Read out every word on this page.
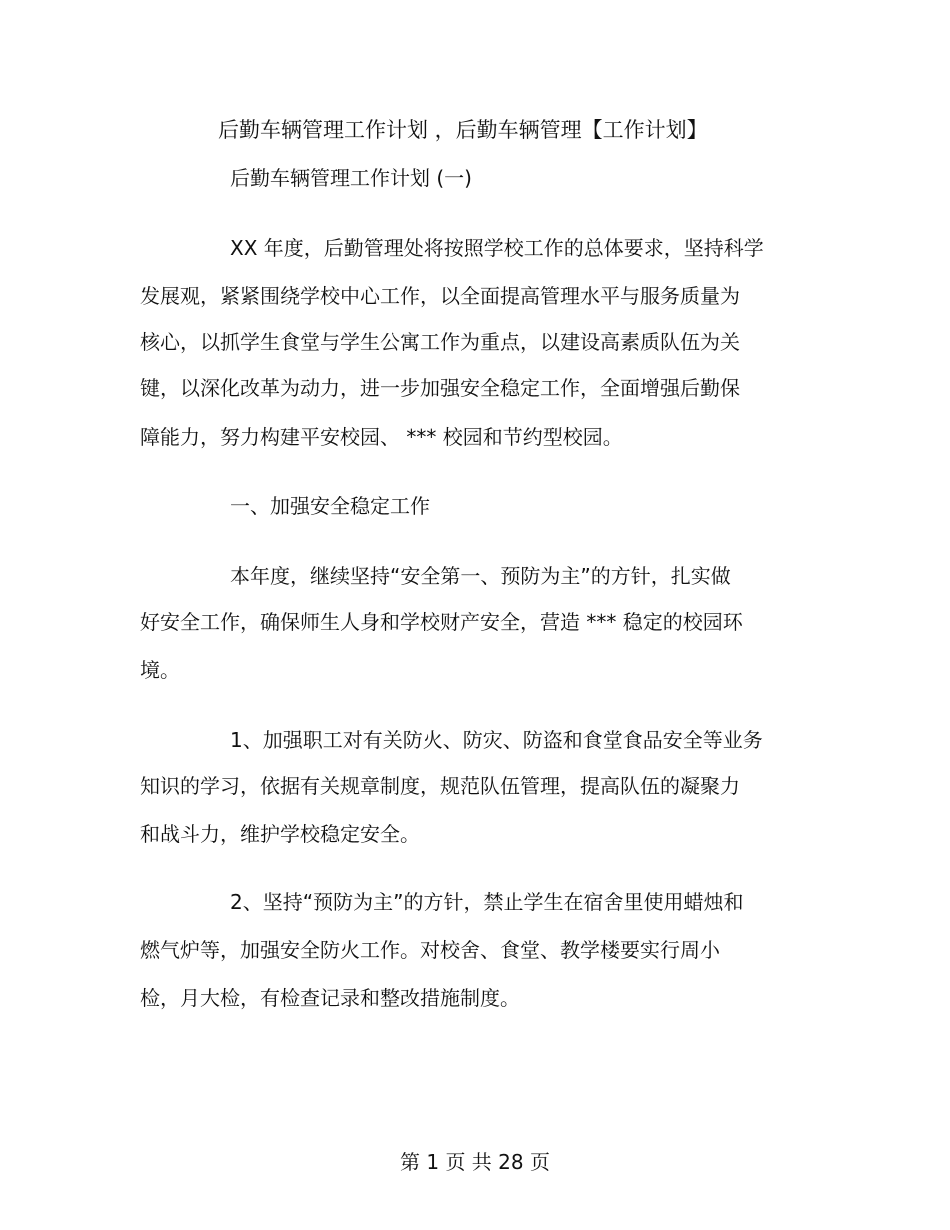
后勤车辆管理工作计划 ，后勤车辆管理【工作计划】
后勤车辆管理工作计划 (一)
XX 年度，后勤管理处将按照学校工作的总体要求，坚持科学
发展观，紧紧围绕学校中心工作，以全面提高管理水平与服务质量为
核心，以抓学生食堂与学生公寓工作为重点，以建设高素质队伍为关
键，以深化改革为动力，进一步加强安全稳定工作，全面增强后勤保
障能力，努力构建平安校园、 *** 校园和节约型校园。
一、加强安全稳定工作
本年度，继续坚持“安全第一、预防为主”的方针，扎实做
好安全工作，确保师生人身和学校财产安全，营造 *** 稳定的校园环
境。
1、加强职工对有关防火、防灾、防盗和食堂食品安全等业务
知识的学习，依据有关规章制度，规范队伍管理，提高队伍的凝聚力
和战斗力，维护学校稳定安全。
2、坚持“预防为主”的方针，禁止学生在宿舍里使用蜡烛和
燃气炉等，加强安全防火工作。对校舍、食堂、教学楼要实行周小
检，月大检，有检查记录和整改措施制度。
第 1 页 共 28 页
